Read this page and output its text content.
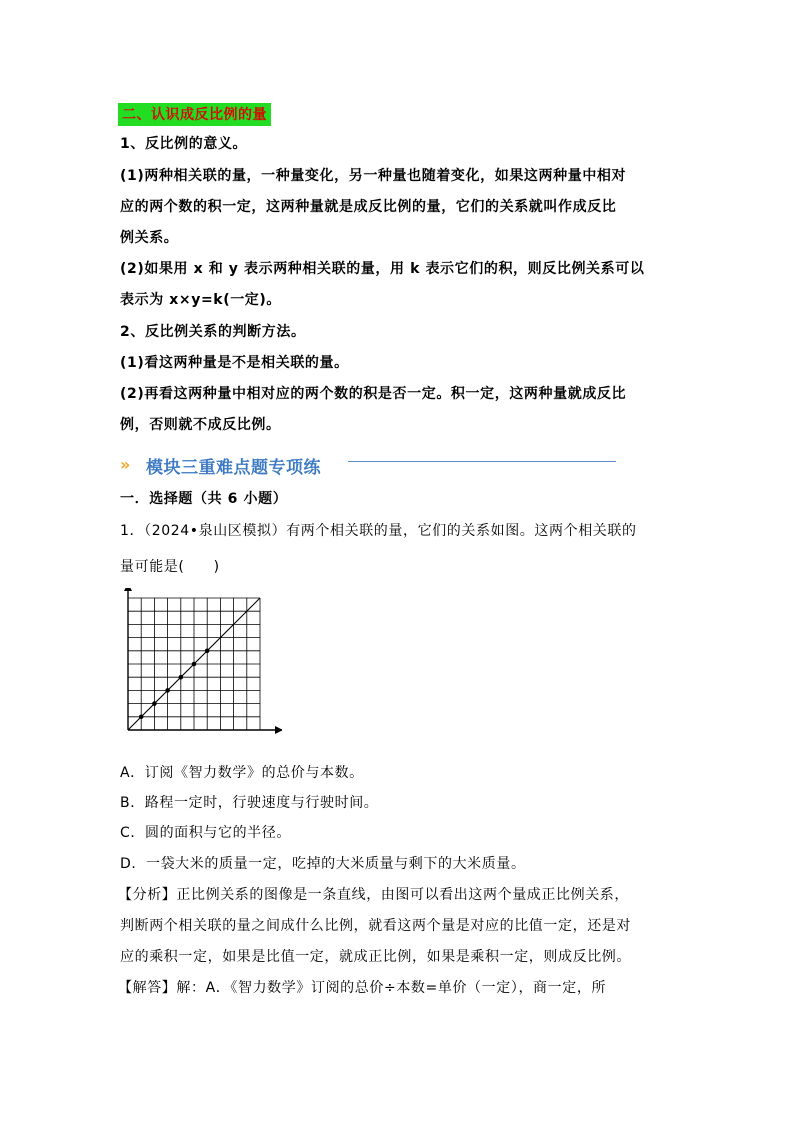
二、认识成反比例的量
1、反比例的意义。
(1)两种相关联的量，一种量变化，另一种量也随着变化，如果这两种量中相对
应的两个数的积一定，这两种量就是成反比例的量，它们的关系就叫作成反比
例关系。
(2)如果用 x 和 y 表示两种相关联的量，用 k 表示它们的积，则反比例关系可以
表示为 x×y=k(一定)。
2、反比例关系的判断方法。
(1)看这两种量是不是相关联的量。
(2)再看这两种量中相对应的两个数的积是否一定。积一定，这两种量就成反比
例，否则就不成反比例。
» 模块三重难点题专项练
一．选择题（共 6 小题）
1．（2024•泉山区模拟）有两个相关联的量，它们的关系如图。这两个相关联的
量可能是(　　)
A．订阅《智力数学》的总价与本数。
B．路程一定时，行驶速度与行驶时间。
C．圆的面积与它的半径。
D．一袋大米的质量一定，吃掉的大米质量与剩下的大米质量。
【分析】正比例关系的图像是一条直线，由图可以看出这两个量成正比例关系，
判断两个相关联的量之间成什么比例，就看这两个量是对应的比值一定，还是对
应的乘积一定，如果是比值一定，就成正比例，如果是乘积一定，则成反比例。
【解答】解：A．《智力数学》订阅的总价÷本数=单价（一定），商一定，所
